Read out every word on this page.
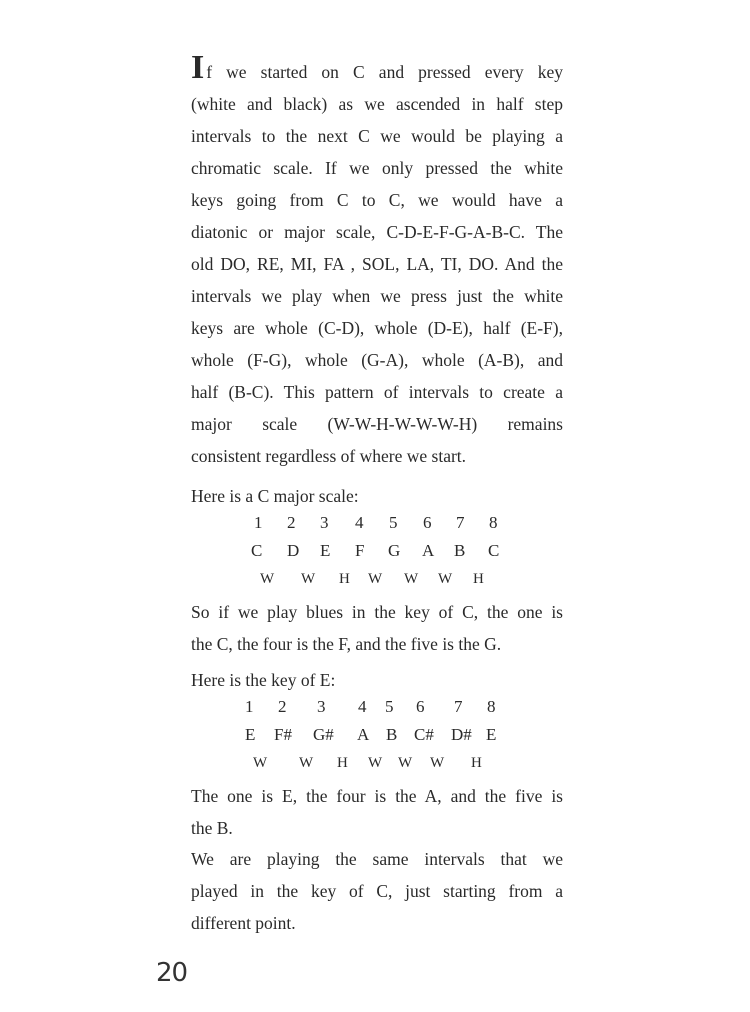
If we started on C and pressed every key
(white and black) as we ascended in half step
intervals to the next C we would be playing a
chromatic scale. If we only pressed the white
keys going from C to C, we would have a
diatonic or major scale, C-D-E-F-G-A-B-C. The
old DO, RE, MI, FA , SOL, LA, TI, DO. And the
intervals we play when we press just the white
keys are whole (C-D), whole (D-E), half (E-F),
whole (F-G), whole (G-A), whole (A-B), and
half (B-C). This pattern of intervals to create a
major scale (W-W-H-W-W-W-H) remains
consistent regardless of where we start.
Here is a C major scale:
1 2 3 4 5 6 7 8
C D E F G A B C
W W H W W W H
So if we play blues in the key of C, the one is
the C, the four is the F, and the five is the G.
Here is the key of E:
1 2 3 4 5 6 7 8
E F# G# A B C# D# E
W W H W W W H
The one is E, the four is the A, and the five is
the B.
We are playing the same intervals that we
played in the key of C, just starting from a
different point.
20
